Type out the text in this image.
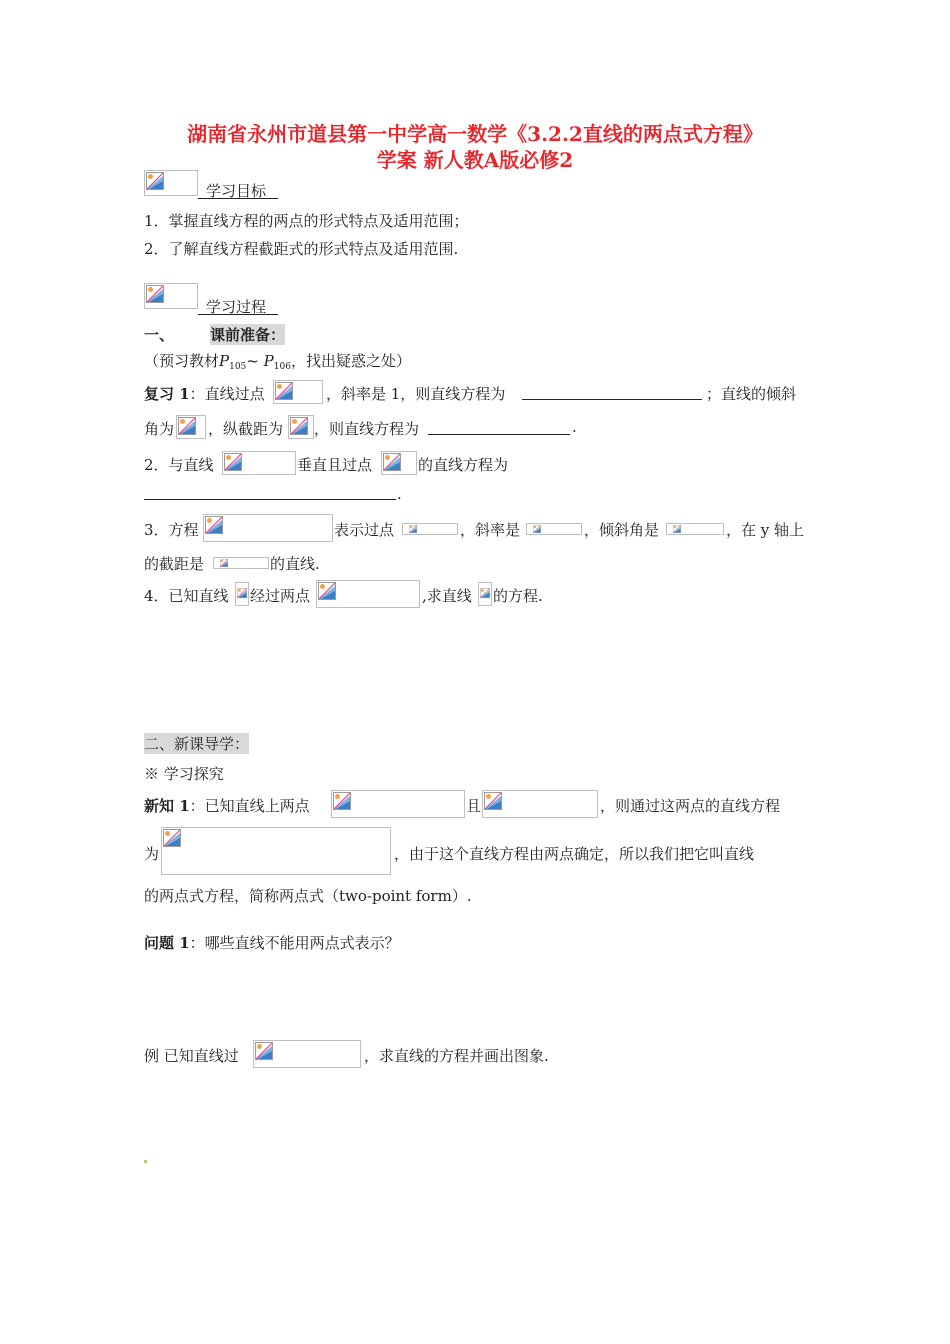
湖南省永州市道县第一中学高一数学《3.2.2直线的两点式方程》
学案 新人教A版必修2
学习目标
1．掌握直线方程的两点的形式特点及适用范围；
2．了解直线方程截距式的形式特点及适用范围.
学习过程
一、 课前准备：
（预习教材$P_{105}\sim$ $P_{106}$，找出疑惑之处）
复习 1：直线过点	，斜率是 1，则直线方程为	；直线的倾斜
角为 ，纵截距为 ，则直线方程为	.
2．与直线	垂直且过点	的直线方程为
.
3．方程	表示过点	，斜率是	，倾斜角是	，在 y 轴上
的截距是	的直线.
4．已知直线 经过两点	,求直线 的方程.
二、新课导学：
※ 学习探究
新知 1：已知直线上两点	且	，则通过这两点的直线方程
为	，由于这个直线方程由两点确定，所以我们把它叫直线
的两点式方程，简称两点式（two-point form）.
问题 1：哪些直线不能用两点式表示？
例 已知直线过	，求直线的方程并画出图象.
